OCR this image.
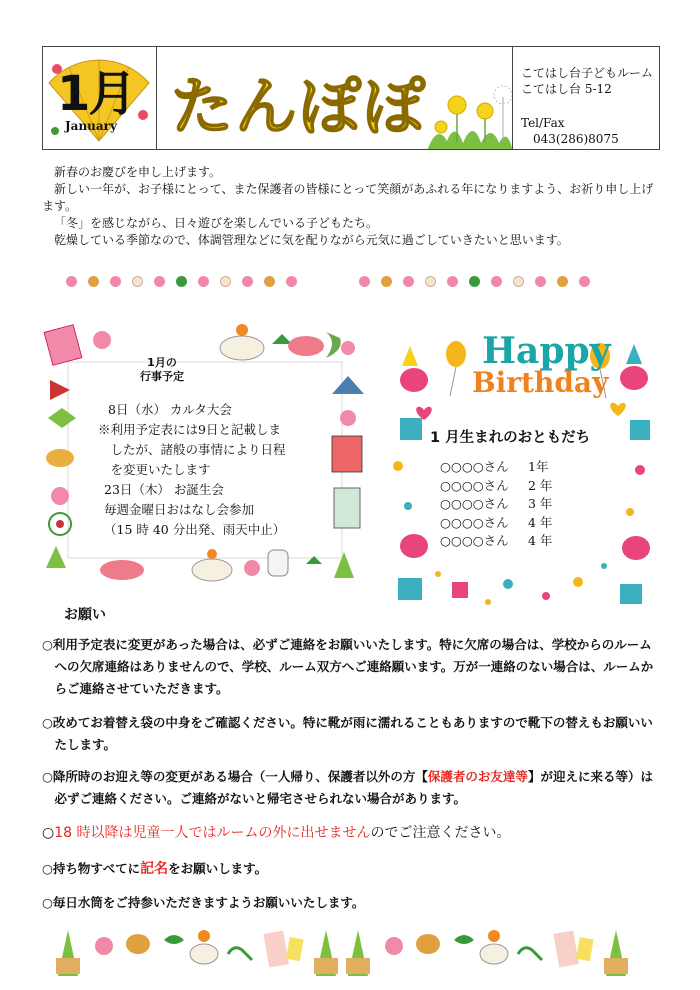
1月
January たんぽぽ	こてはし台子どもルーム
こてはし台 5-12
Tel/Fax
043(286)8075

新春のお慶びを申し上げます。

新しい一年が、お子様にとって、また保護者の皆様にとって笑顔があふれる年になりますよう、お祈り申し上げます。

「冬」を感じながら、日々遊びを楽しんでいる子どもたち。

乾燥している季節なので、体調管理などに気を配りながら元気に過ごしていきたいと思います。

1月の
行事予定
8日（水） カルタ大会
※利用予定表には9日と記載しま
　したが、諸般の事情により日程
　を変更いたします
23日（木） お誕生会
毎週金曜日おはなし会参加
（15 時 40 分出発、雨天中止）
Happy
Birthday
1 月生まれのおともだち
○○○○さん	1年
○○○○さん	2 年
○○○○さん	3 年
○○○○さん	4 年
○○○○さん	4 年
お願い
○利用予定表に変更があった場合は、必ずご連絡をお願いいたします。特に欠席の場合は、学校からのルームへの欠席連絡はありませんので、学校、ルーム双方へご連絡願います。万が一連絡のない場合は、ルームからご連絡させていただきます。
○改めてお着替え袋の中身をご確認ください。特に靴が雨に濡れることもありますので靴下の替えもお願いいたします。
○降所時のお迎え等の変更がある場合（一人帰り、保護者以外の方【保護者のお友達等】が迎えに来る等）は必ずご連絡ください。ご連絡がないと帰宅させられない場合があります。
○18 時以降は児童一人ではルームの外に出せませんのでご注意ください。
○持ち物すべてに記名をお願いします。
○毎日水筒をご持参いただきますようお願いいたします。
